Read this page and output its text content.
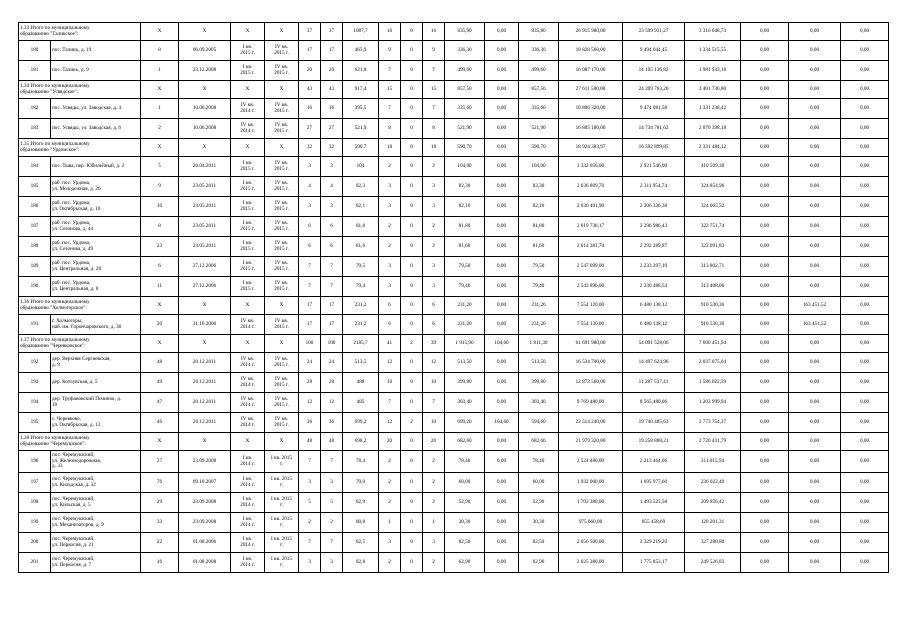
1.33 Итого по муниципальному
образованию "Таликское":		X	X	X	X	37	37	1087,7	16	0	16	835,90	0,00	835,80	26 915 980,00	23 599 931,27	3 316 048,73	0,00	0,00	0,00
180	пос. Таликъ, д. 19	8	06.09.2005	I кв.
2015 г.	IV кв.
2015 г.	17	17	465,9	9	0	9	336,30	0,00	336,30	10 828 560,00	9 494 044,45	1 334 515,55	0,00	0,00	0,00
181	пос. Таликъ, д. 9	1	23.12.2008	I кв.
2015 г.	IV кв.
2015 г.	20	20	621,8	7	0	7	499,60	0,00	499,60	16 087 170,00	14 105 136,82	1 981 933,18	0,00	0,00	0,00
1.34 Итого по муниципальному
образованию "Усвядское":		X	X	X	X	43	43	917,4	15	0	15	857,50	0,00	857,50	27 611 500,00	24 209 763,20	3 401 736,80	0,00	0,00	0,00
182	пос. Усвяды, ул. Заводская, д. 4	1	10.06.2008	IV кв.
2014 г.	IV кв.
2015 г.	16	16	395,5	7	0	7	335,60	0,00	335,60	10 806 320,00	9 474 081,58	1 331 238,42	0,00	0,00	0,00
183	пос. Усвяды, ул. Заводская, д. 6	2	10.06.2008	IV кв.
2014 г.	IV кв.
2015 г.	27	27	521,9	8	0	8	521,90	0,00	521,90	16 805 180,00	14 734 781,62	2 070 398,18	0,00	0,00	0,00
1.35 Итого по муниципальному
образованию "Урдомское":		X	X	X	X	32	32	590,7	18	0	18	590,70	0,00	590,70	18 924 383,97	16 592 899,85	2 331 484,12	0,00	0,00	0,00
184	пос. Тыва, пер. Юбилейный, д. 2	5	20.04.2011	I кв.
2015 г.	IV кв.
2015 г.	3	3	104	2	0	2	104,00	0,00	104,00	3 332 056,00	2 921 546,00	410 509,30	0,00	0,00	0,00
185	раб. пос. Урдома,
ул. Молодежная, д. 26	9	23.05.2011	I кв.
2015 г.	IV кв.
2015 г.	4	4	82,3	3	0	3	82,30	0,00	82,30	2 636 809,70	2 311 954,74	324 854,96	0,00	0,00	0,00
186	раб. пос. Урдома,
ул. Октябрьская, д. 10	10	23.05.2011	I кв.
2015 г.	IV кв.
2015 г.	3	3	82,1	3	0	3	82,10	0,00	82,10	2 630 401,90	2 306 336,38	324 065,52	0,00	0,00	0,00
187	раб. пос. Урдома,
ул. Сезонова, д. 44	8	23.05.2011	I кв.
2015 г.	IV кв.
2015 г.	6	6	81,8	2	0	2	81,80	0,00	81,80	2 619 738,17	2 296 986,43	322 751,74	0,00	0,00	0,00
188	раб. пос. Урдома,
ул. Сезонова, д. 49	23	23.05.2011	I кв.
2015 г.	IV кв.
2015 г.	6	6	81,6	2	0	2	81,60	0,00	81,60	2 614 381,70	2 292 289,87	322 091,83	0,00	0,00	0,00
189	раб. пос. Урдома,
ул. Центральная, д. 28	6	27.12.2006	I кв.
2015 г.	IV кв.
2015 г.	7	7	79,5	3	0	3	79,50	0,00	79,50	2 547 099,00	2 233 297,19	313 802,71	0,00	0,00	0,00
190	раб. пос. Урдома,
ул. Центральная, д. 8	11	27.12.2006	I кв.
2015 г.	IV кв.
2015 г.	7	7	79,4	3	0	3	79,40	0,00	79,40	2 543 896,00	2 230 488,54	313 408,06	0,00	0,00	0,00
1.36 Итого по муниципальному
образованию "Холмогорское":		X	X	X	X	17	17	231,2	6	0	6	231,20	0,00	231,20	7 554 120,00	6 480 138,12	910 530,36	0,00	163 451,52	0,00
191	г. Холмогоры,
наб. им. Горончаровского, д. 30	20	31.10.2006	IV кв.
2014 г.	IV кв.
2015 г.	17	17	231,2	6	0	6	231,20	0,00	231,20	7 554 120,00	6 480 138,12	910 530,36	0,00	163 451,52	0,00
1.37 Итого по муниципальному
образованию "Черевковское":		X	X	X	X	100	100	2185,7	41	2	39	1 915,90	104,60	1 811,30	61 691 980,00	54 091 528,06	7 600 451,94	0,00	0,00	0,00
192	дер. Верхняя Сергиевская,
д. 9	48	20.12.2011	IV кв.
2014 г.	IV кв.
2015 г.	24	24	513,5	12	0	12	513,50	0,00	513,50	16 534 700,00	14 497 624,96	2 037 075,04	0,00	0,00	0,00
193	дер. Котлувская, д. 5	49	20.12.2011	IV кв.
2014 г.	IV кв.
2015 г.	28	28	488	10	0	10	399,80	0,00	399,80	12 873 560,00	11 287 537,41	1 586 022,59	0,00	0,00	0,00
194	дер. Труфановский Починок, д.
10	47	20.12.2011	IV кв.
2014 г.	IV кв.
2015 г.	12	12	485	7	0	7	303,40	0,00	303,40	9 769 480,00	8 565 480,06	1 203 999,94	0,00	0,00	0,00
195	с. Черевково,
ул. Октябрьская, д. 13	46	20.12.2011	IV кв.
2014 г.	IV кв.
2015 г.	36	36	699,2	12	2	10	699,20	104,60	594,60	22 514 240,00	19 740 485,63	2 773 754,37	0,00	0,00	0,00
1.38 Итого по муниципальному
образованию "Черемушское":		X	X	X	X	48	48	698,2	20	0	20	682,60	0,00	682,60	21 979 320,00	19 258 888,21	2 720 431,79	0,00	0,00	0,00
196	пос. Черемушский,
ул. Железнодорожная,
д. 33	27	23.09.2008	I кв.
2014 г.	I кв. 2015
г.	7	7	78,4	2	0	2	78,40	0,00	78,40	2 524 480,00	2 213 464,06	311 015,94	0,00	0,00	0,00
197	пос. Черемушский,
ул. Кильдская, д. 32	76	09.10.2007	I кв.
2014 г.	I кв. 2015
г.	3	3	79,0	2	0	2	60,00	0,00	60,00	1 932 000,00	1 695 977,60	236 022,40	0,00	0,00	0,00
198	пос. Черемушский,
ул. Кильская, д. 5	29	23.09.2008	I кв.
2014 г.	I кв. 2015
г.	5	5	82,9	2	0	2	52,90	0,00	52,90	1 703 380,00	1 493 523,58	209 856,42	0,00	0,00	0,00
199	пос. Черемушский,
ул. Механизаторов, д. 9	33	23.09.2008	I кв.
2014 г.	I кв. 2015
г.	2	2	80,8	1	0	1	30,30	0,00	30,30	975 660,00	855 458,69	120 201,31	0,00	0,00	0,00
200	пос. Черемушский,
ул. Перкосия, д. 21	22	01.08.2006	I кв.
2014 г.	I кв. 2015
г.	7	7	82,5	3	0	3	82,50	0,00	82,50	2 656 500,00	2 329 219,20	327 280,80	0,00	0,00	0,00
201	пос. Черемушский,
ул. Перкосия, д. 7	16	01.08.2008	I кв.
2014 г.	I кв. 2015
г.	3	3	82,8	2	0	2	62,90	0,00	62,90	2 025 380,00	1 775 853,17	249 526,83	0,00	0,00	0,00
